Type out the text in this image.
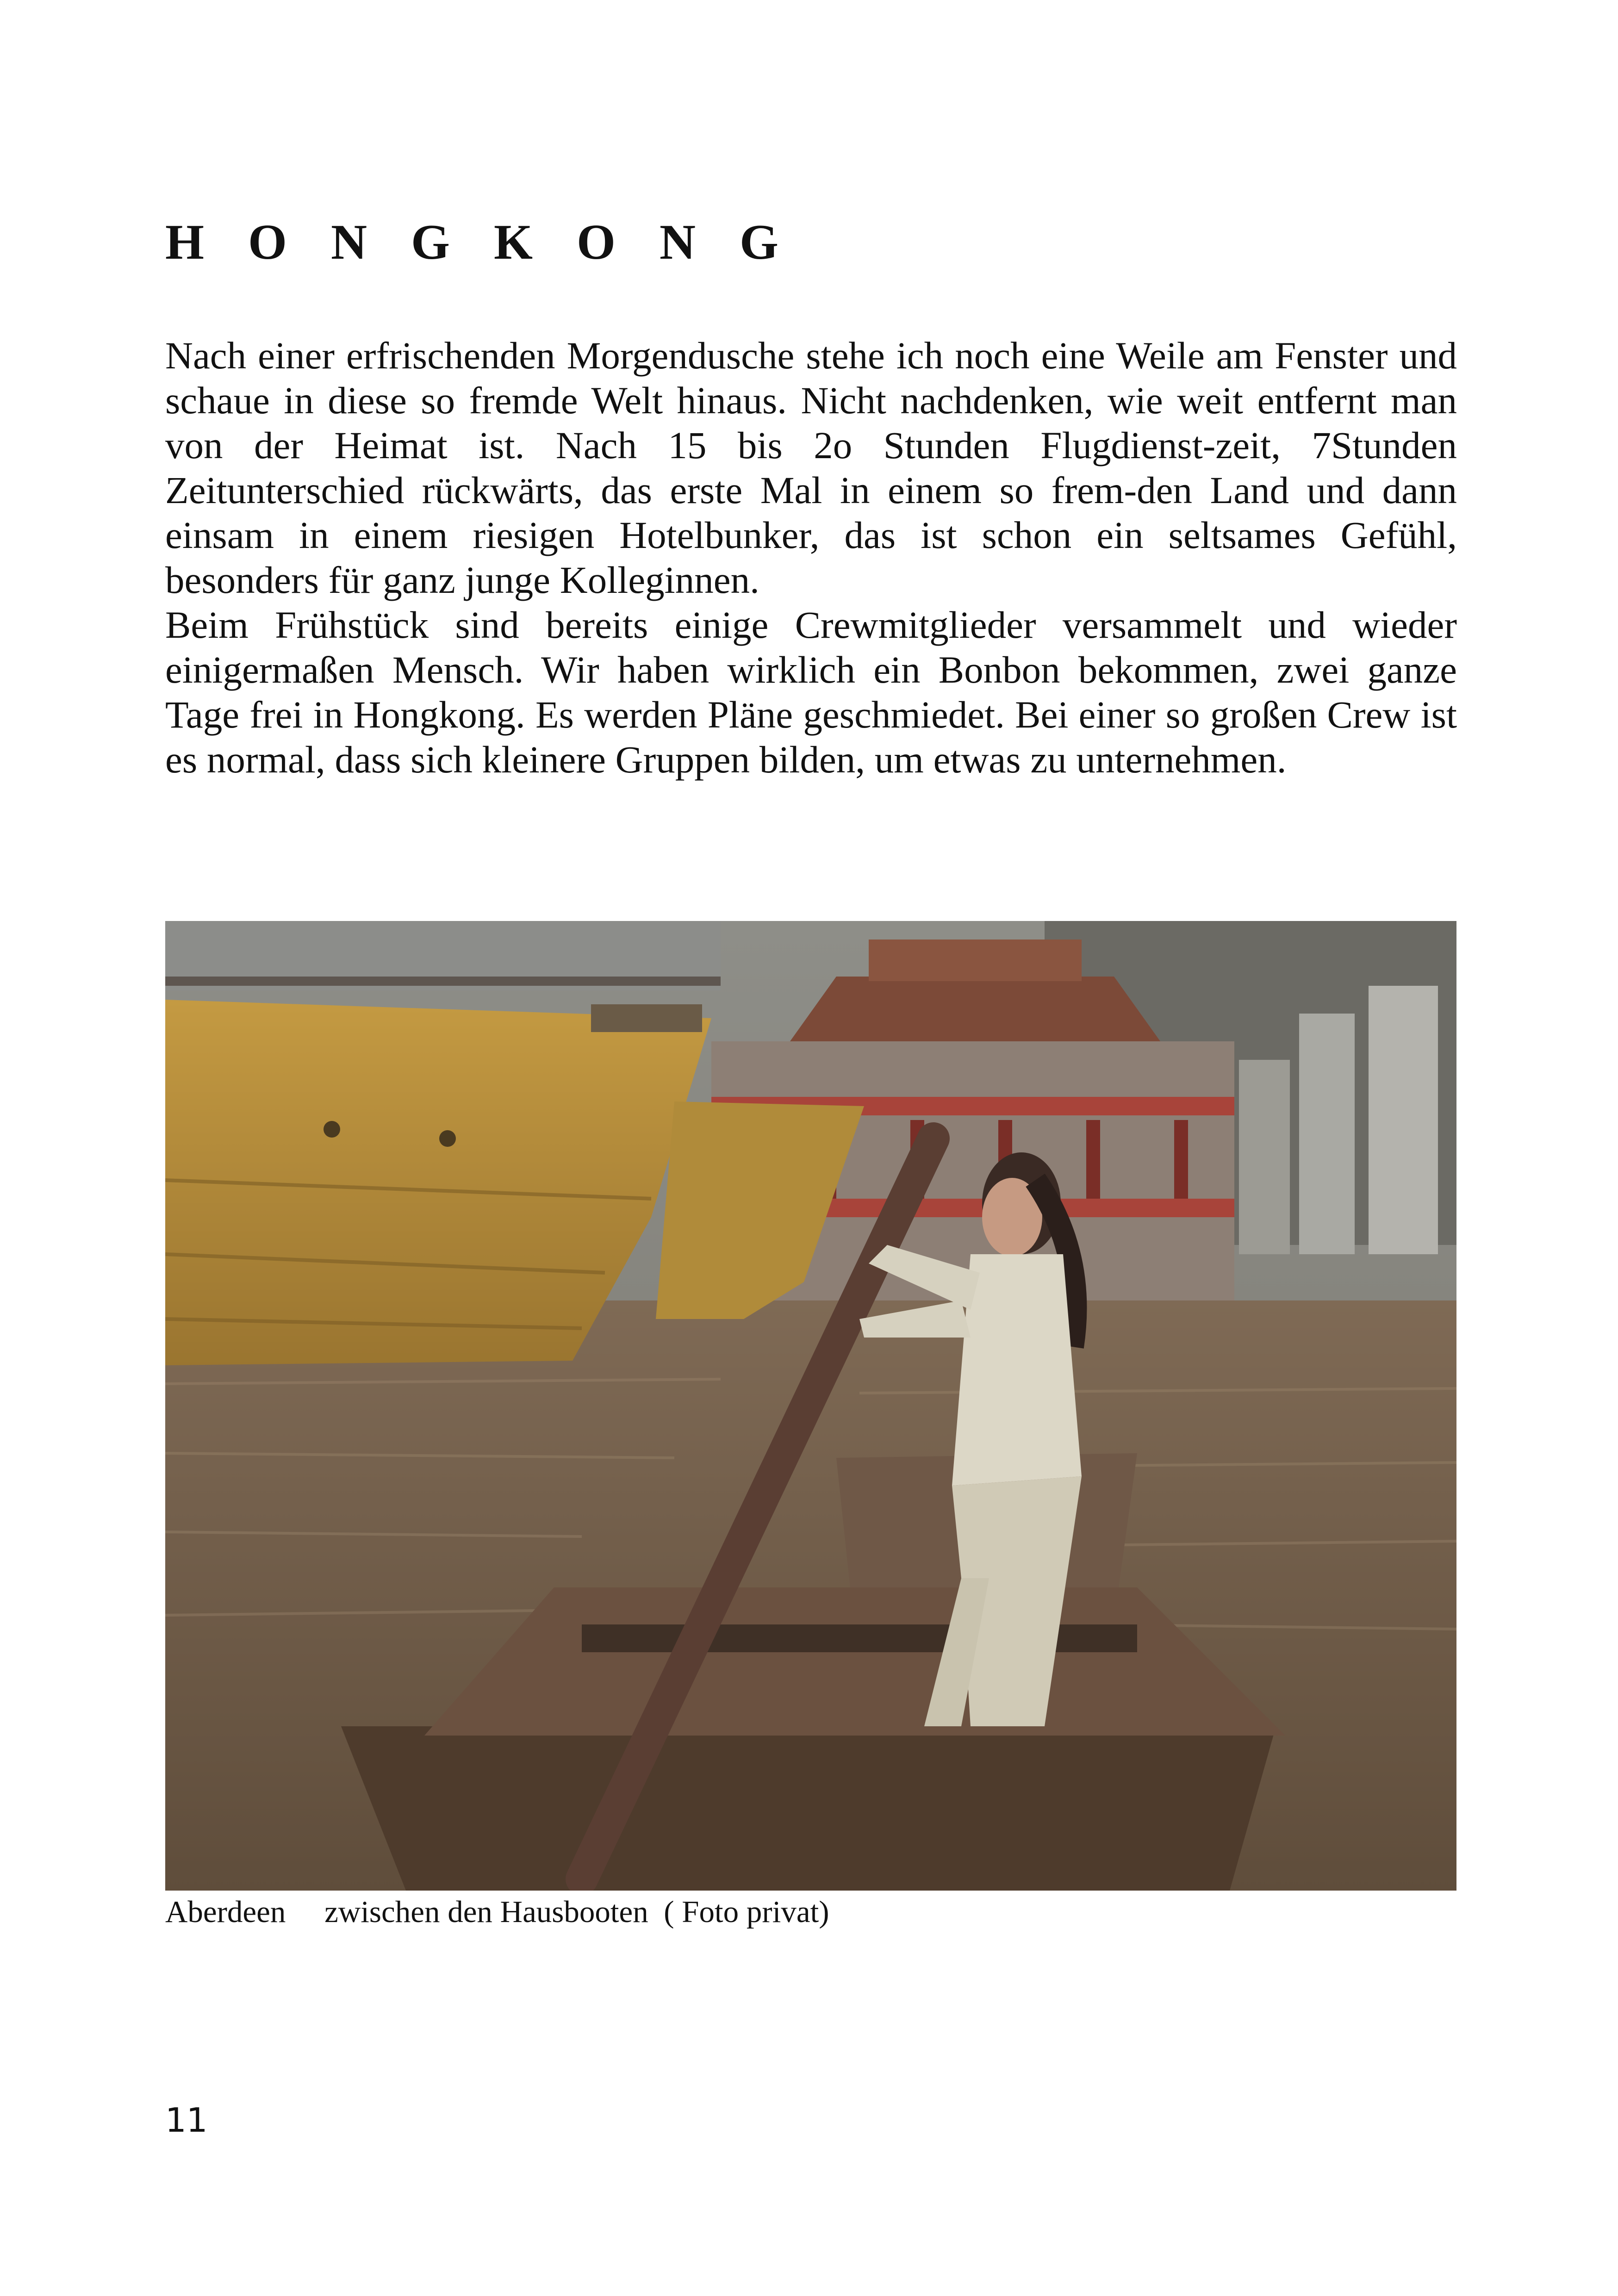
H O N G K O N G

Nach einer erfrischenden Morgendusche stehe ich noch eine Weile am Fenster und schaue in diese so fremde Welt hinaus. Nicht nachdenken, wie weit entfernt man von der Heimat ist. Nach 15 bis 2o Stunden Flugdienst-zeit, 7Stunden Zeitunterschied rückwärts, das erste Mal in einem so frem-den Land und dann einsam in einem riesigen Hotelbunker, das ist schon ein seltsames Gefühl, besonders für ganz junge Kolleginnen.

Beim Frühstück sind bereits einige Crewmitglieder versammelt und wieder einigermaßen Mensch. Wir haben wirklich ein Bonbon bekommen, zwei ganze Tage frei in Hongkong. Es werden Pläne geschmiedet. Bei einer so großen Crew ist es normal, dass sich kleinere Gruppen bilden, um etwas zu unternehmen.

Aberdeen     zwischen den Hausbooten  ( Foto privat)
11
